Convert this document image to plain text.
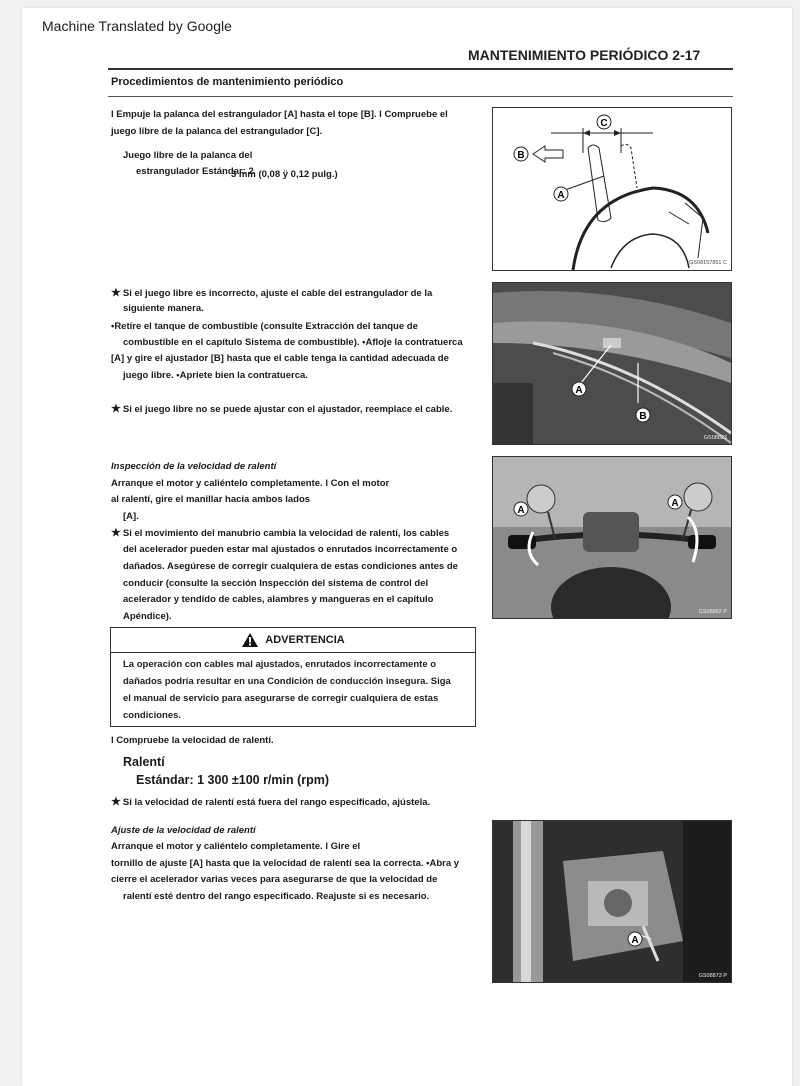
Machine Translated by Google
MANTENIMIENTO PERIÓDICO 2-17
Procedimientos de mantenimiento periódico
l Empuje la palanca del estrangulador [A] hasta el tope [B]. l Compruebe el
juego libre de la palanca del estrangulador [C].
Juego libre de la palanca del
estrangulador Estándar: 2
3 mm (0,08 ÿ 0,12 pulg.)
★ Si el juego libre es incorrecto, ajuste el cable del estrangulador de la
siguiente manera.
•Retire el tanque de combustible (consulte Extracción del tanque de
combustible en el capítulo Sistema de combustible). •Afloje la contratuerca
[A] y gire el ajustador [B] hasta que el cable tenga la cantidad adecuada de
juego libre. •Apriete bien la contratuerca.
★ Si el juego libre no se puede ajustar con el ajustador, reemplace el cable.
Inspección de la velocidad de ralentí
Arranque el motor y caliéntelo completamente. l Con el motor
al ralentí, gire el manillar hacia ambos lados
[A].
★ Si el movimiento del manubrio cambia la velocidad de ralentí, los cables
del acelerador pueden estar mal ajustados o enrutados incorrectamente o
dañados. Asegúrese de corregir cualquiera de estas condiciones antes de
conducir (consulte la sección Inspección del sistema de control del
acelerador y tendido de cables, alambres y mangueras en el capítulo
Apéndice).
ADVERTENCIA
La operación con cables mal ajustados, enrutados incorrectamente o
dañados podría resultar en una Condición de conducción insegura. Siga
el manual de servicio para asegurarse de corregir cualquiera de estas
condiciones.
l Compruebe la velocidad de ralentí.
Ralentí
Estándar: 1 300 ±100 r/min (rpm)
★ Si la velocidad de ralentí está fuera del rango especificado, ajústela.
Ajuste de la velocidad de ralentí
Arranque el motor y caliéntelo completamente. l Gire el
tornillo de ajuste [A] hasta que la velocidad de ralentí sea la correcta. •Abra y
cierre el acelerador varias veces para asegurarse de que la velocidad de
ralentí esté dentro del rango especificado. Reajuste si es necesario.
C
B
A
GS08157851 C
A
B
GS08823
A
A
GS08882 P
A
GS08873 P
